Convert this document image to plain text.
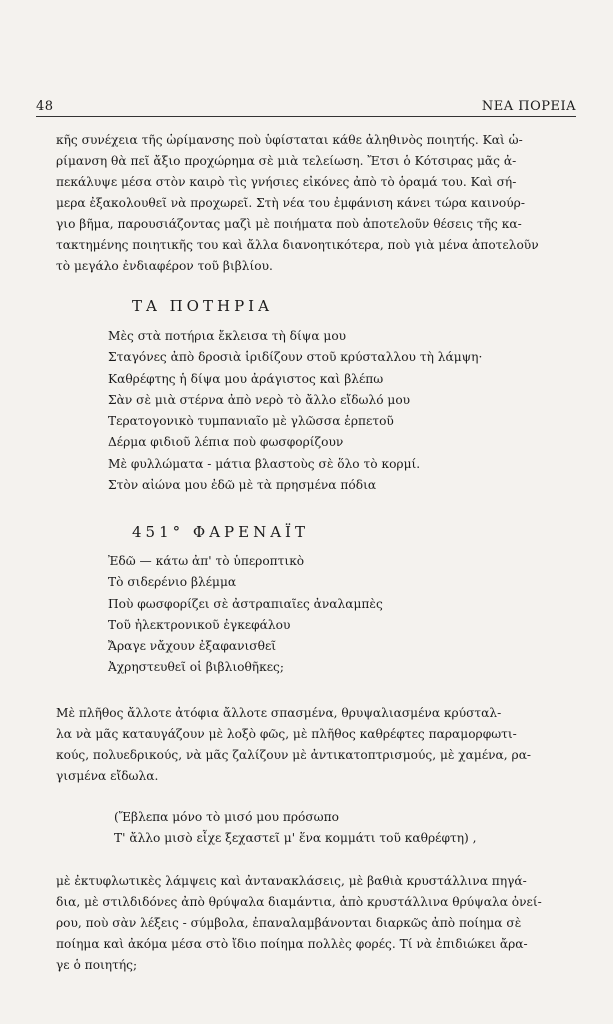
48	ΝΕΑ ΠΟΡΕΙΑ
κῆς συνέχεια τῆς ὡρίμανσης ποὺ ὑφίσταται κάθε ἀληθινὸς ποιητής. Καὶ ὡ-
ρίμανση θὰ πεῖ ἄξιο προχώρημα σὲ μιὰ τελείωση. Ἔτσι ὁ Κότσιρας μᾶς ἀ-
πεκάλυψε μέσα στὸν καιρὸ τὶς γνήσιες εἰκόνες ἀπὸ τὸ ὁραμά του. Καὶ σή-
μερα ἐξακολουθεῖ νὰ προχωρεῖ. Στὴ νέα του ἐμφάνιση κάνει τώρα καινούρ-
γιο βῆμα, παρουσιάζοντας μαζὶ μὲ ποιήματα ποὺ ἀποτελοῦν θέσεις τῆς κα-
τακτημένης ποιητικῆς του καὶ ἄλλα διανοητικότερα, ποὺ γιὰ μένα ἀποτελοῦν
τὸ μεγάλο ἐνδιαφέρον τοῦ βιβλίου.
ΤΑ ΠΟΤΗΡΙΑ
Μὲς στὰ ποτήρια ἔκλεισα τὴ δίψα μου
Σταγόνες ἀπὸ δροσιὰ ἱριδίζουν στοῦ κρύσταλλου τὴ λάμψη·
Καθρέφτης ἡ δίψα μου ἀράγιστος καὶ βλέπω
Σὰν σὲ μιὰ στέρνα ἀπὸ νερὸ τὸ ἄλλο εἴδωλό μου
Τερατογονικὸ τυμπανιαῖο μὲ γλῶσσα ἑρπετοῦ
Δέρμα φιδιοῦ λέπια ποὺ φωσφορίζουν
Μὲ φυλλώματα - μάτια βλαστοὺς σὲ ὅλο τὸ κορμί.
Στὸν αἰώνα μου ἐδῶ μὲ τὰ πρησμένα πόδια
451° ΦΑΡΕΝΑΪΤ
Ἐδῶ — κάτω ἀπ' τὸ ὑπεροπτικὸ
Τὸ σιδερένιο βλέμμα
Ποὺ φωσφορίζει σὲ ἀστραπιαῖες ἀναλαμπὲς
Τοῦ ἠλεκτρονικοῦ ἐγκεφάλου
Ἄραγε νἄχουν ἐξαφανισθεῖ
Ἀχρηστευθεῖ οἱ βιβλιοθῆκες;
Μὲ πλῆθος ἄλλοτε ἀτόφια ἄλλοτε σπασμένα, θρυψαλιασμένα κρύσταλ-
λα νὰ μᾶς καταυγάζουν μὲ λοξὸ φῶς, μὲ πλῆθος καθρέφτες παραμορφωτι-
κούς, πολυεδρικούς, νὰ μᾶς ζαλίζουν μὲ ἀντικατοπτρισμούς, μὲ χαμένα, ρα-
γισμένα εἴδωλα.
(Ἔβλεπα μόνο τὸ μισό μου πρόσωπο
Τ' ἄλλο μισὸ εἶχε ξεχαστεῖ μ' ἕνα κομμάτι τοῦ καθρέφτη) ,
μὲ ἐκτυφλωτικὲς λάμψεις καὶ ἀντανακλάσεις, μὲ βαθιὰ κρυστάλλινα πηγά-
δια, μὲ στιλδιδόνες ἀπὸ θρύψαλα διαμάντια, ἀπὸ κρυστάλλινα θρύψαλα ὀνεί-
ρου, ποὺ σὰν λέξεις - σύμβολα, ἐπαναλαμβάνονται διαρκῶς ἀπὸ ποίημα σὲ
ποίημα καὶ ἀκόμα μέσα στὸ ἴδιο ποίημα πολλὲς φορές. Τί νὰ ἐπιδιώκει ἄρα-
γε ὁ ποιητής;
